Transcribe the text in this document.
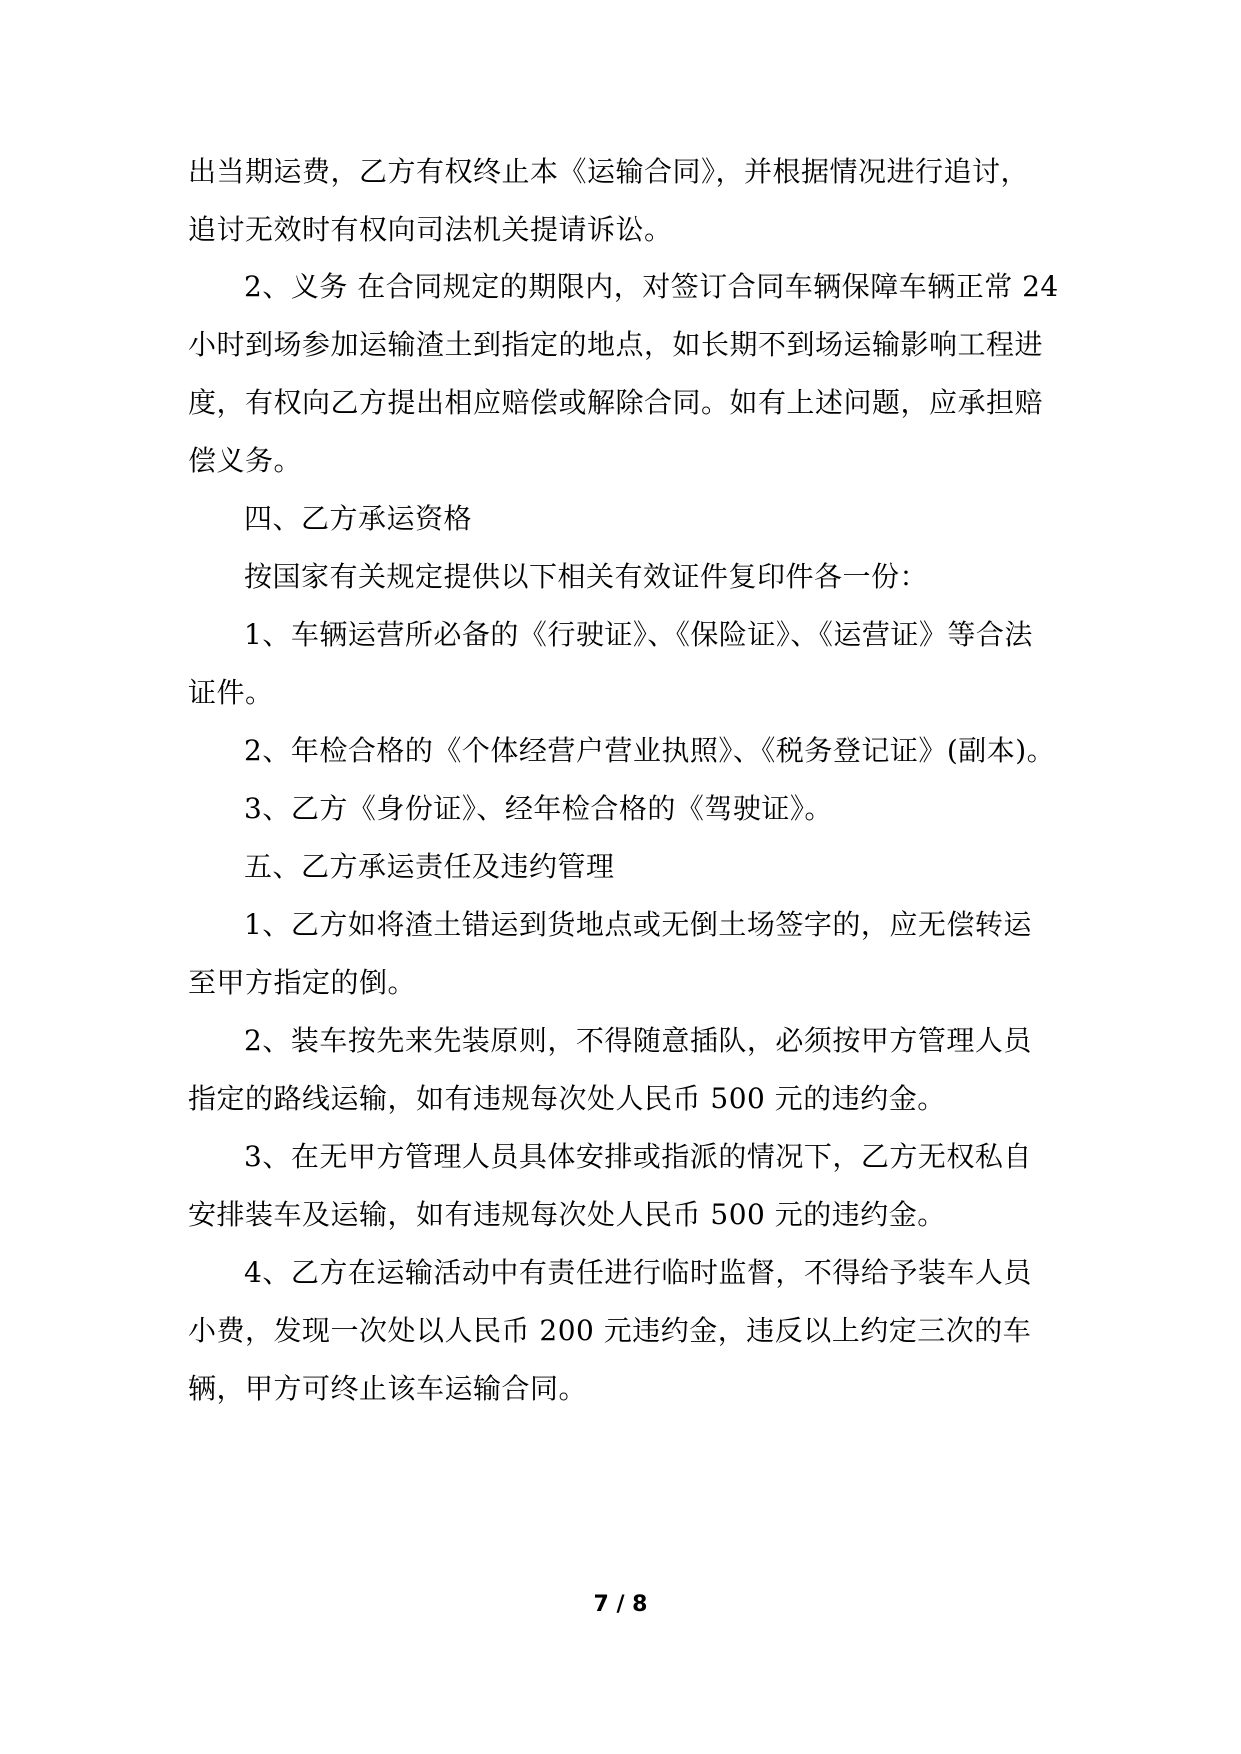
出当期运费，乙方有权终止本《运输合同》，并根据情况进行追讨，
追讨无效时有权向司法机关提请诉讼。
2、义务 在合同规定的期限内，对签订合同车辆保障车辆正常 24
小时到场参加运输渣土到指定的地点，如长期不到场运输影响工程进
度，有权向乙方提出相应赔偿或解除合同。如有上述问题，应承担赔
偿义务。
四、乙方承运资格
按国家有关规定提供以下相关有效证件复印件各一份：
1、车辆运营所必备的《行驶证》、《保险证》、《运营证》等合法
证件。
2、年检合格的《个体经营户营业执照》、《税务登记证》(副本)。
3、乙方《身份证》、经年检合格的《驾驶证》。
五、乙方承运责任及违约管理
1、乙方如将渣土错运到货地点或无倒土场签字的，应无偿转运
至甲方指定的倒。
2、装车按先来先装原则，不得随意插队，必须按甲方管理人员
指定的路线运输，如有违规每次处人民币 500 元的违约金。
3、在无甲方管理人员具体安排或指派的情况下，乙方无权私自
安排装车及运输，如有违规每次处人民币 500 元的违约金。
4、乙方在运输活动中有责任进行临时监督，不得给予装车人员
小费，发现一次处以人民币 200 元违约金，违反以上约定三次的车
辆，甲方可终止该车运输合同。
7 / 8
